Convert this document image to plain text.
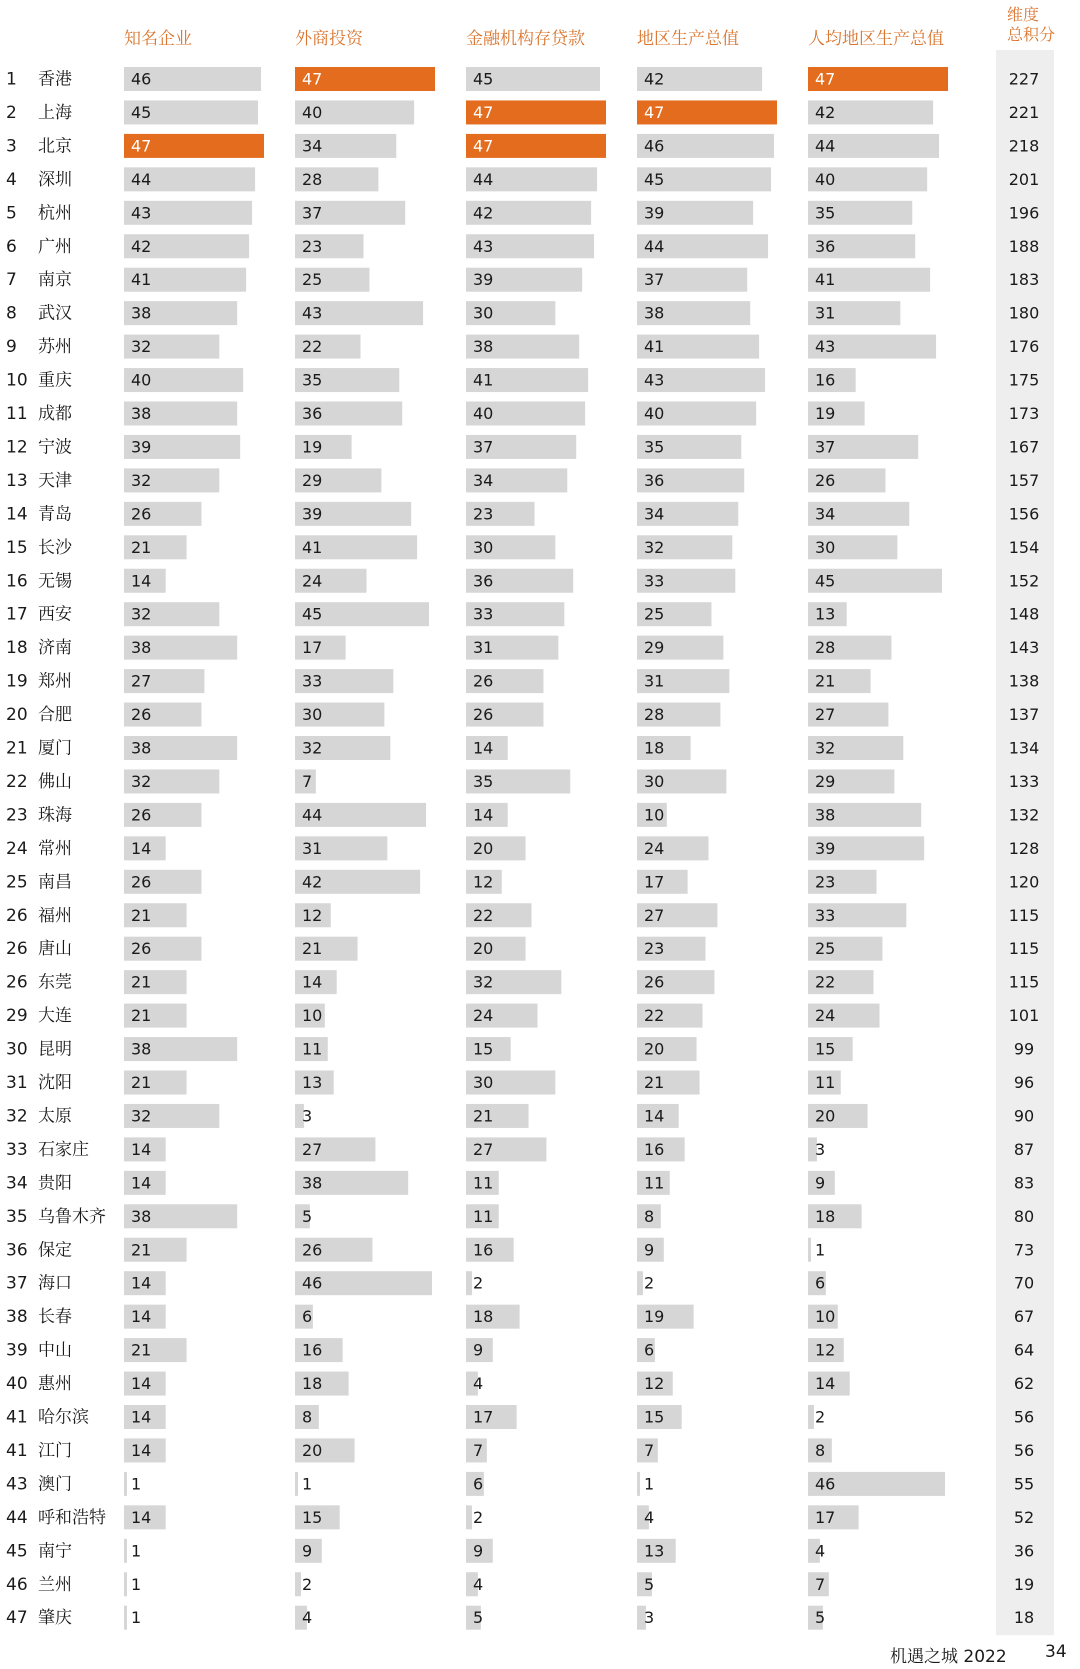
知名企业	外商投资	金融机构存贷款	地区生产总值	人均地区生产总值
维度
总积分
1 香港	46	47	45	42	47	227
2 上海	45	40	47	47	42	221
3 北京	47	34	47	46	44	218
4 深圳	44	28	44	45	40	201
5 杭州	43	37	42	39	35	196
6 广州	42	23	43	44	36	188
7 南京	41	25	39	37	41	183
8 武汉	38	43	30	38	31	180
9 苏州	32	22	38	41	43	176
10 重庆	40	35	41	43	16	175
11 成都	38	36	40	40	19	173
12 宁波	39	19	37	35	37	167
13 天津	32	29	34	36	26	157
14 青岛	26	39	23	34	34	156
15 长沙	21	41	30	32	30	154
16 无锡	14	24	36	33	45	152
17 西安	32	45	33	25	13	148
18 济南	38	17	31	29	28	143
19 郑州	27	33	26	31	21	138
20 合肥	26	30	26	28	27	137
21 厦门	38	32	14	18	32	134
22 佛山	32	7	35	30	29	133
23 珠海	26	44	14	10	38	132
24 常州	14	31	20	24	39	128
25 南昌	26	42	12	17	23	120
26 福州	21	12	22	27	33	115
26 唐山	26	21	20	23	25	115
26 东莞	21	14	32	26	22	115
29 大连	21	10	24	22	24	101
30 昆明	38	11	15	20	15	99
31 沈阳	21	13	30	21	11	96
32 太原	32	3	21	14	20	90
33 石家庄	14	27	27	16	3	87
34 贵阳	14	38	11	11	9	83
35 乌鲁木齐 38	5	11	8	18	80
36 保定	21	26	16	9	1	73
37 海口	14	46	2	2	6	70
38 长春	14	6	18	19	10	67
39 中山	21	16	9	6	12	64
40 惠州	14	18	4	12	14	62
41 哈尔滨	14	8	17	15	2	56
41 江门	14	20	7	7	8	56
43 澳门	1	1	6	1	46	55
44 呼和浩特 14	15	2	4	17	52
45 南宁	1	9	9	13	4	36
46 兰州	1	2	4	5	7	19
47 肇庆	1	4	5	3	5	18
机遇之城 2022 34
